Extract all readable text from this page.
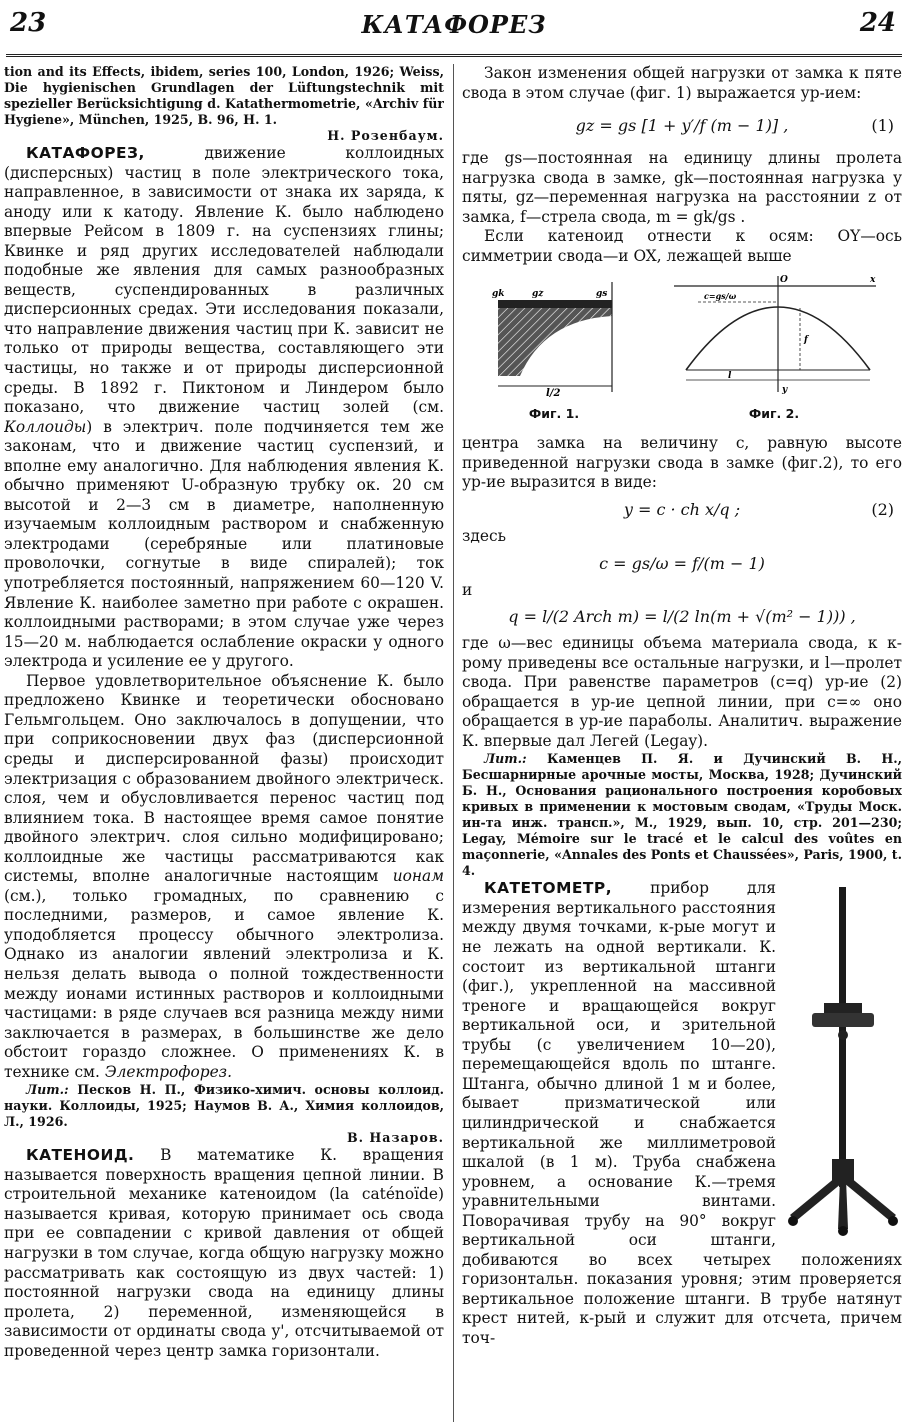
23	КАТАФОРЕЗ	24

tion and its Effects, ibidem, series 100, London, 1926; Weiss, Die hygienischen Grundlagen der Lüftungstechnik mit spezieller Berücksichtigung d. Katathermometrie, «Archiv für Hygiene», München, 1925, B. 96, H. 1.
Н. Розенбаум.

КАТАФОРЕЗ,	движение коллоидных (дисперсных) частиц в поле электрического тока, направленное, в зависимости от знака их заряда, к аноду или к катоду. Явление К. было наблюдено впервые Рейсом в 1809 г. на суспензиях глины; Квинке и ряд других исследователей наблюдали подобные же явления для самых разнообразных веществ, суспендированных в различных дисперсионных средах. Эти исследования показали, что направление движения частиц при К. зависит не только от природы вещества, составляющего эти частицы, но также и от природы дисперсионной среды. В 1892 г. Пиктоном и Линдером было показано, что движение частиц золей (см. Коллоиды) в электрич. поле подчиняется тем же законам, что и движение частиц суспензий, и вполне ему аналогично. Для наблюдения явления К. обычно применяют U-образную трубку ок. 20 см высотой и 2—3 см в диаметре, наполненную изучаемым коллоидным раствором и снабженную электродами (серебряные или платиновые проволочки, согнутые в виде спиралей); ток употребляется постоянный, напряжением 60—120 V. Явление К. наиболее заметно при работе с окрашен. коллоидными растворами; в этом случае уже через 15—20 м. наблюдается ослабление окраски у одного электрода и усиление ее у другого.

Первое удовлетворительное объяснение К. было предложено Квинке и теоретически обосновано Гельмгольцем. Оно заключалось в допущении, что при соприкосновении двух фаз (дисперсионной среды и дисперсированной фазы) происходит электризация с образованием двойного электрическ. слоя, чем и обусловливается перенос частиц под влиянием тока. В настоящее время самое понятие двойного электрич. слоя сильно модифицировано; коллоидные же частицы рассматриваются как системы, вполне аналогичные настоящим ионам (см.), только громадных, по сравнению с последними, размеров, и самое явление К. уподобляется процессу обычного электролиза. Однако из аналогии явлений электролиза и К. нельзя делать вывода о полной тождественности между ионами истинных растворов и коллоидными частицами: в ряде случаев вся разница между ними заключается в размерах, в большинстве же дело обстоит гораздо сложнее. О применениях К. в технике см. Электрофорез.

Лит.: Песков Н. П., Физико-химич. основы коллоид. науки. Коллоиды, 1925; Наумов В. А., Химия коллоидов, Л., 1926.
В. Назаров.

КАТЕНОИД. В математике К. вращения называется поверхность вращения цепной линии. В строительной механике катеноидом (la caténoïde) называется кривая, которую принимает ось свода при ее совпадении с кривой давления от общей нагрузки в том случае, когда общую нагрузку можно рассматривать как состоящую из двух частей: 1) постоянной нагрузки свода на единицу длины пролета, 2) переменной, изменяющейся в зависимости от ординаты свода y', отсчитываемой от проведенной через центр замка горизонтали.

Закон изменения общей нагрузки от замка к пяте свода в этом случае (фиг. 1) выражается ур-ием:

gz = gs [1 + y′/f (m − 1)] ,	(1)

где gs—постоянная на единицу длины пролета нагрузка свода в замке, gk—постоянная нагрузка у пяты, gz—переменная нагрузка на расстоянии z от замка, f—стрела свода, m = gk/gs .

Если катеноид отнести к осям: OY—ось симметрии свода—и OX, лежащей выше

l/2
gk	gz	gs
Фиг. 1.
x
y
O
c=gs/ω
f
l
Фиг. 2.

центра замка на величину c, равную высоте приведенной нагрузки свода в замке (фиг.2), то его ур-ие выразится в виде:

y = c · ch x/q ;	(2)

здесь

c = gs/ω = f/(m − 1)

и

q = l/(2 Arch m) = l/(2 ln(m + √(m² − 1))) ,

где ω—вес единицы объема материала свода, к к-рому приведены все остальные нагрузки, и l—пролет свода. При равенстве параметров (c=q) ур-ие (2) обращается в ур-ие цепной линии, при c=∞ оно обращается в ур-ие параболы. Аналитич. выражение К. впервые дал Легей (Legay).

Лит.: Каменцев П. Я. и Дучинский В. Н., Бесшарнирные арочные мосты, Москва, 1928; Дучинский Б. Н., Основания рационального построения коробовых кривых в применении к мостовым сводам, «Труды Моск. ин-та инж. трансп.», М., 1929, вып. 10, стр. 201—230; Legay, Mémoire sur le tracé et le calcul des voûtes en maçonnerie, «Annales des Ponts et Chaussées», Paris, 1900, t. 4.

КАТЕТОМЕТР, прибор для измерения вертикального расстояния между двумя точками, к-рые могут и не лежать на одной вертикали. К. состоит из вертикальной штанги (фиг.), укрепленной на массивной треноге и вращающейся вокруг вертикальной оси, и зрительной трубы (с увеличением 10—20), перемещающейся вдоль по штанге. Штанга, обычно длиной 1 м и более, бывает призматической или цилиндрической и снабжается вертикальной же миллиметровой шкалой (в 1 м). Труба снабжена уровнем, а основание К.—тремя уравнительными винтами. Поворачивая трубу на 90° вокруг вертикальной оси штанги, добиваются во всех четырех положениях горизонтальн. показания уровня; этим проверяется вертикальное положение штанги. В трубе натянут крест нитей, к-рый и служит для отсчета, причем точ-
